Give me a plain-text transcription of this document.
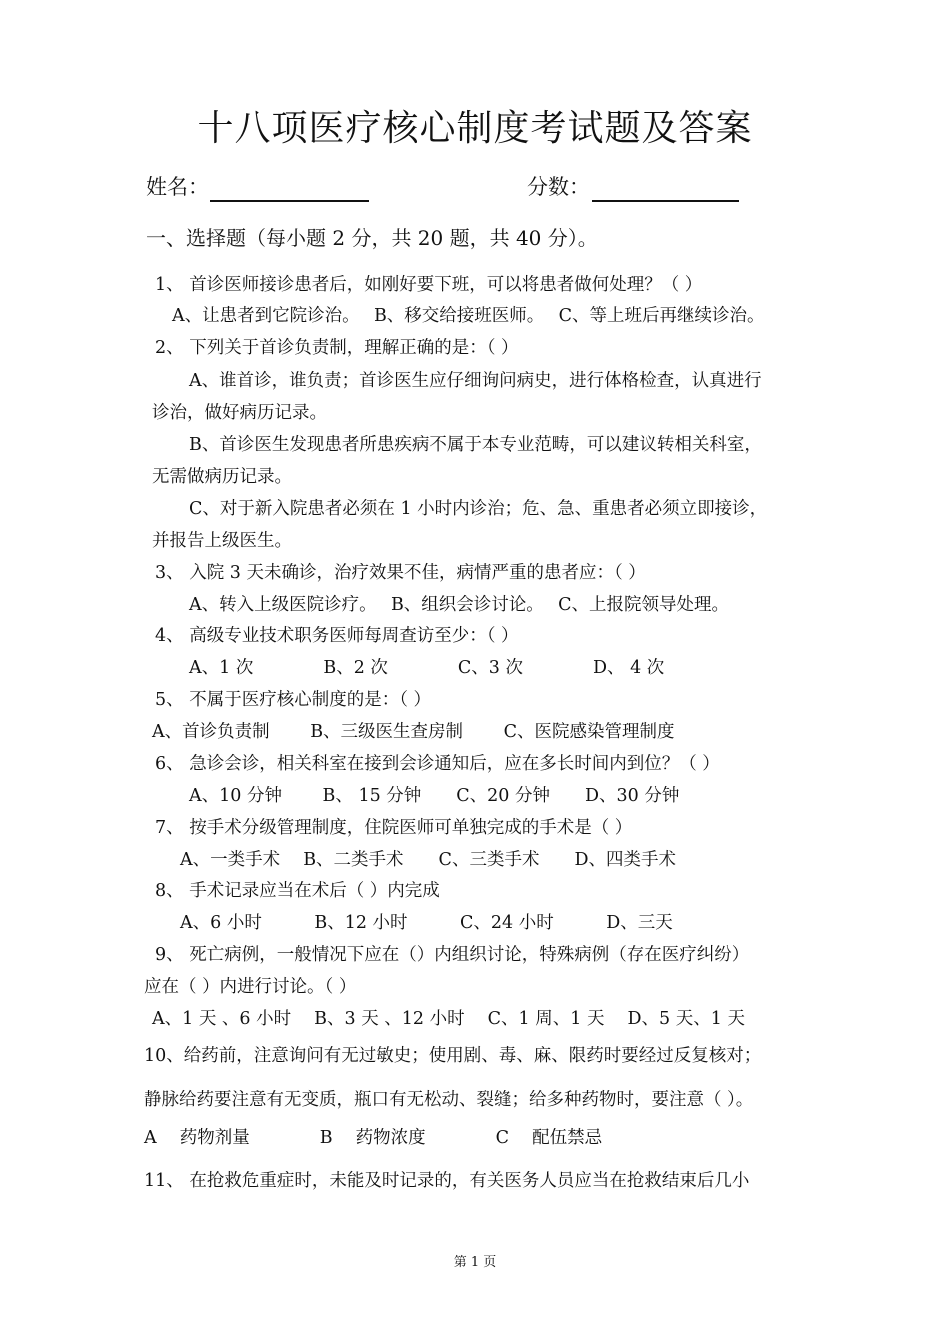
十八项医疗核心制度考试题及答案
姓名：	分数：
一、选择题（每小题 2 分，共 20 题，共 40 分）。
1、 首诊医师接诊患者后，如刚好要下班，可以将患者做何处理？（ ）
A、让患者到它院诊治。　 B、移交给接班医师。　 C、等上班后再继续诊治。
2、 下列关于首诊负责制，理解正确的是：（ ）
A、谁首诊，谁负责；首诊医生应仔细询问病史，进行体格检查，认真进行
诊治，做好病历记录。
B、首诊医生发现患者所患疾病不属于本专业范畴，可以建议转相关科室，
无需做病历记录。
C、对于新入院患者必须在 1 小时内诊治；危、急、重患者必须立即接诊，
并报告上级医生。
3、 入院 3 天未确诊，治疗效果不佳，病情严重的患者应：（ ）
A、转入上级医院诊疗。　 B、组织会诊讨论。　 C、上报院领导处理。
4、 高级专业技术职务医师每周查访至少：（ ）
A、1 次　　　　B、2 次　　　　C、3 次　　　　D、 4 次
5、 不属于医疗核心制度的是：（ ）
A、首诊负责制　　 B、三级医生查房制　　 C、医院感染管理制度
6、 急诊会诊，相关科室在接到会诊通知后，应在多长时间内到位？（ ）
A、10 分钟　　 B、 15 分钟　　C、20 分钟　　D、30 分钟
7、 按手术分级管理制度，住院医师可单独完成的手术是（ ）
A、一类手术　 B、二类手术　　C、三类手术　　D、四类手术
8、 手术记录应当在术后（ ）内完成
A、6 小时　　　B、12 小时　　　C、24 小时　　　D、三天
9、 死亡病例，一般情况下应在（）内组织讨论，特殊病例（存在医疗纠纷）
应在（ ）内进行讨论。（ ）
A、1 天 、6 小时　 B、3 天 、12 小时　 C、1 周、1 天　 D、5 天、1 天
10、给药前，注意询问有无过敏史；使用剧、毒、麻、限药时要经过反复核对；
静脉给药要注意有无变质，瓶口有无松动、裂缝；给多种药物时，要注意（ ）。
A　 药物剂量　　　　B　 药物浓度　　　　C　 配伍禁忌
11、 在抢救危重症时，未能及时记录的，有关医务人员应当在抢救结束后几小
第 1 页
